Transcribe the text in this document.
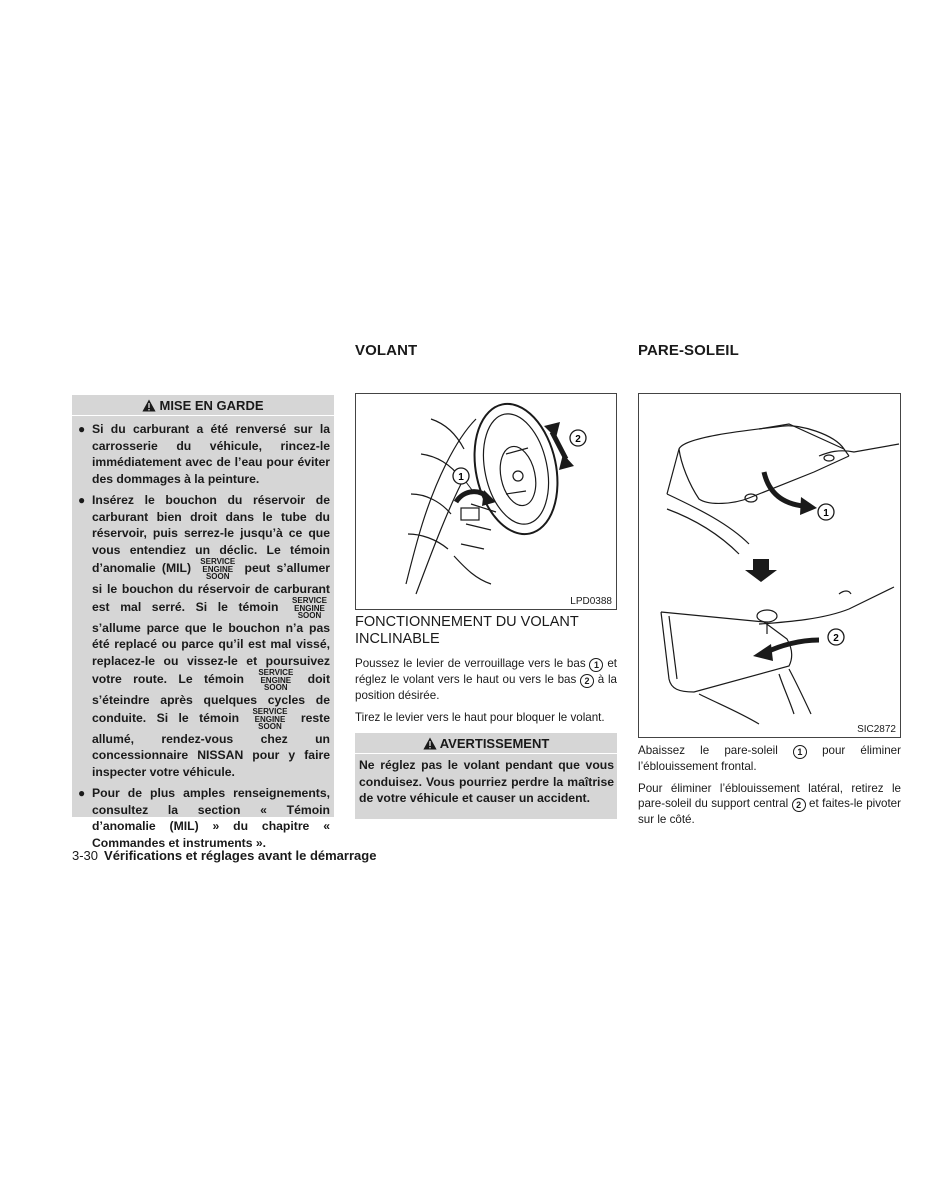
MISE EN GARDE
● Si du carburant a été renversé sur la carrosserie du véhicule, rincez-le immédiatement avec de l’eau pour éviter des dommages à la peinture.
● Insérez le bouchon du réservoir de carburant bien droit dans le tube du réservoir, puis serrez-le jusqu’à ce que vous entendiez un déclic. Le témoin d’anomalie (MIL) SERVICE
ENGINE
SOON
peut s’allumer si le bouchon du réservoir de carburant est mal serré. Si le témoin SERVICE
ENGINE
SOON
s’allume parce que le bouchon n’a pas été replacé ou parce qu’il est mal vissé, replacez-le ou vissez-le et poursuivez votre route. Le témoin SERVICE
ENGINE
SOON
doit s’éteindre après quelques cycles de conduite. Si le témoin SERVICE
ENGINE
SOON
reste allumé, rendez-vous chez un concessionnaire NISSAN pour y faire inspecter votre véhicule.
● Pour de plus amples renseignements, consultez la section « Témoin d’anomalie (MIL) » du chapitre « Commandes et instruments ».
VOLANT
1
2
LPD0388
FONCTIONNEMENT DU VOLANT INCLINABLE

Poussez le levier de verrouillage vers le bas 1 et réglez le volant vers le haut ou vers le bas 2 à la position désirée.

Tirez le levier vers le haut pour bloquer le volant.

AVERTISSEMENT
Ne réglez pas le volant pendant que vous conduisez. Vous pourriez perdre la maîtrise de votre véhicule et causer un accident.
PARE-SOLEIL
1
2
SIC2872

Abaissez le pare-soleil 1 pour éliminer l’éblouissement frontal.

Pour éliminer l’éblouissement latéral, retirez le pare-soleil du support central 2 et faites-le pivoter sur le côté.

3-30 Vérifications et réglages avant le démarrage
